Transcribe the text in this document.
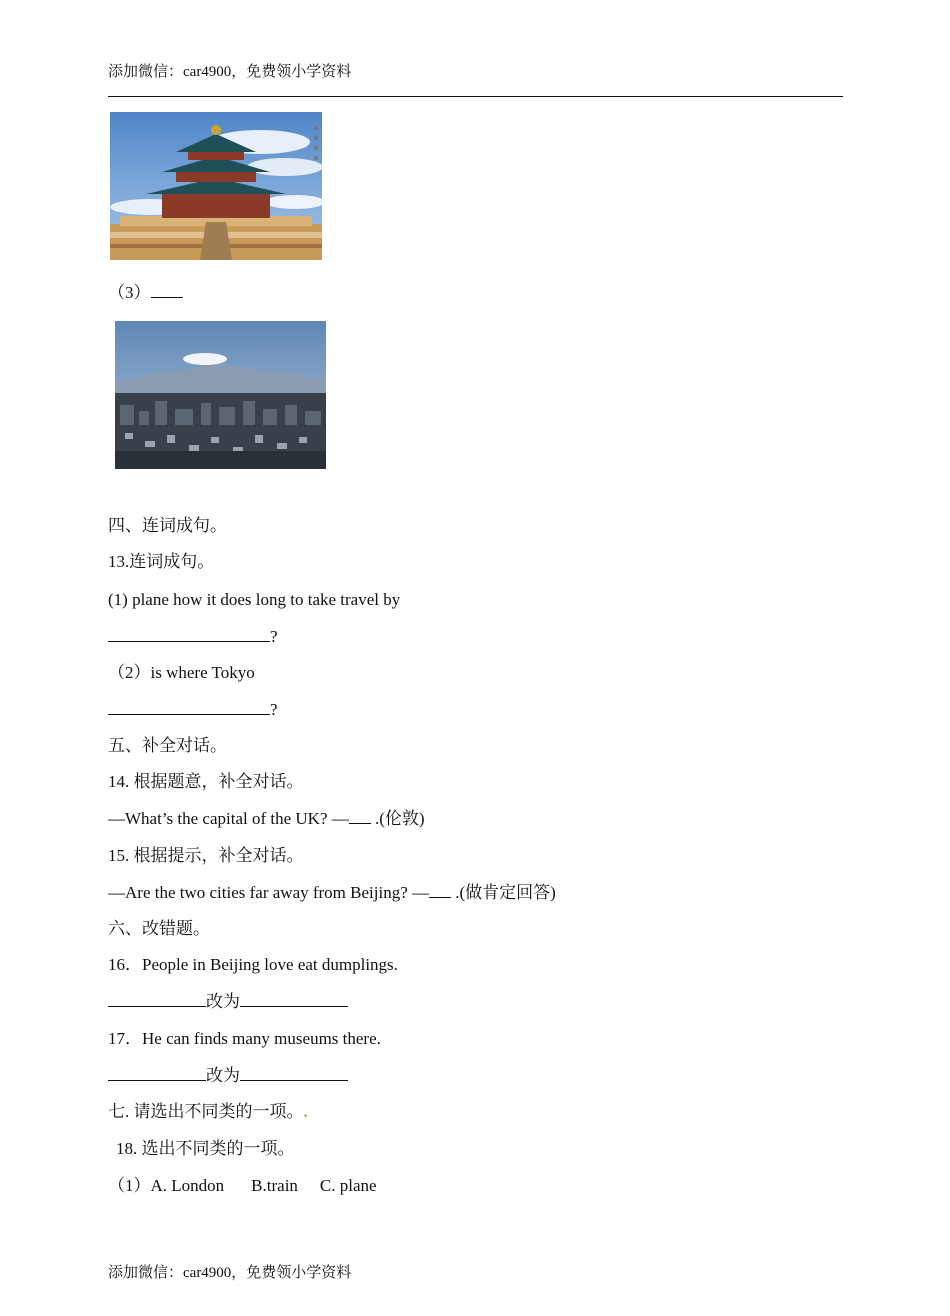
添加微信：car4900，免费领小学资料
（3）
四、连词成句。
13.连词成句。
(1) plane how it does long to take travel by
?
（2）is where Tokyo
?
五、补全对话。
14. 根据题意，补全对话。
—What’s the capital of the UK? — .(伦敦)
15. 根据提示，补全对话。
—Are the two cities far away from Beijing? — .(做肯定回答)
六、改错题。
16．People in Beijing love eat dumplings.
改为
17．He can finds many museums there.
改为
七. 请选出不同类的一项。.
18. 选出不同类的一项。
（1）A. London B.train C. plane
添加微信：car4900，免费领小学资料
